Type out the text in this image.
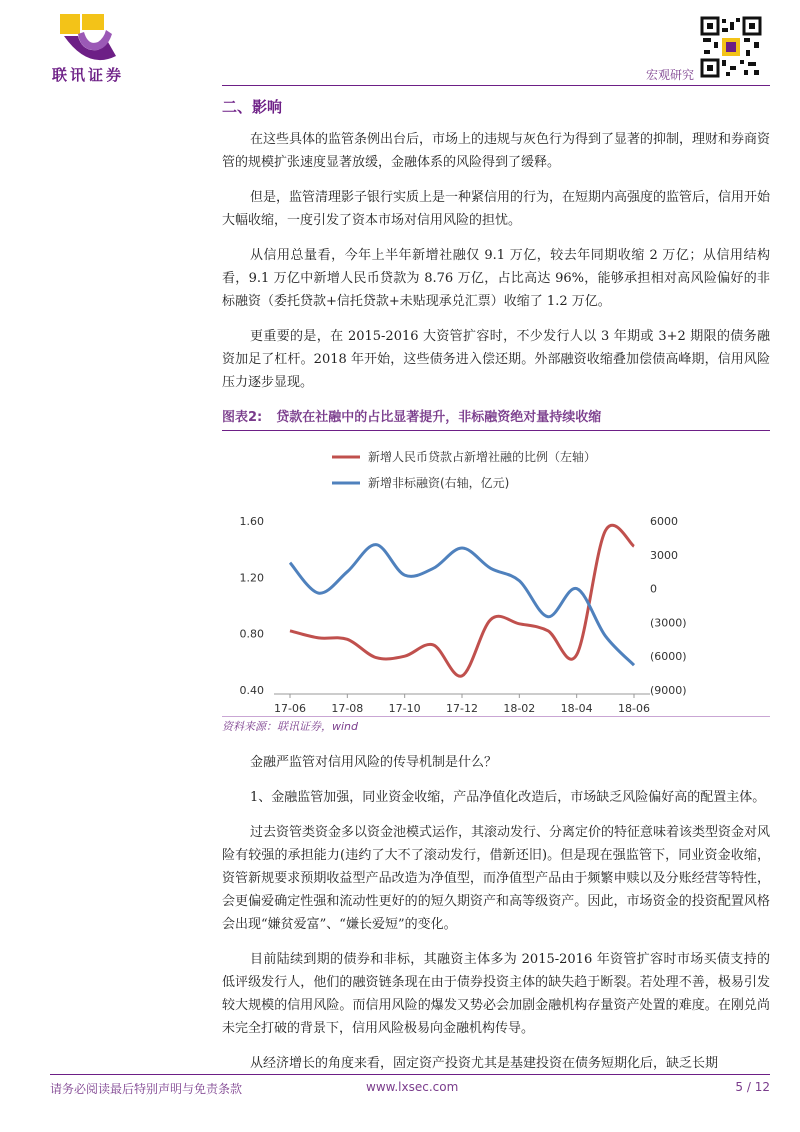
联讯证券	宏观研究
二、影响

在这些具体的监管条例出台后，市场上的违规与灰色行为得到了显著的抑制，理财和券商资管的规模扩张速度显著放缓，金融体系的风险得到了缓释。

但是，监管清理影子银行实质上是一种紧信用的行为，在短期内高强度的监管后，信用开始大幅收缩，一度引发了资本市场对信用风险的担忧。

从信用总量看，今年上半年新增社融仅 9.1 万亿，较去年同期收缩 2 万亿；从信用结构看，9.1 万亿中新增人民币贷款为 8.76 万亿，占比高达 96%，能够承担相对高风险偏好的非标融资（委托贷款+信托贷款+未贴现承兑汇票）收缩了 1.2 万亿。

更重要的是，在 2015-2016 大资管扩容时，不少发行人以 3 年期或 3+2 期限的债务融资加足了杠杆。2018 年开始，这些债务进入偿还期。外部融资收缩叠加偿债高峰期，信用风险压力逐步显现。

图表2: 贷款在社融中的占比显著提升，非标融资绝对量持续收缩
新增人民币贷款占新增社融的比例（左轴）
新增非标融资(右轴，亿元)
0.40
0.80
1.20
1.60	6000
3000
0
(3000)
(6000)
(9000)
17-06 17-08 17-10 17-12 18-02 18-04 18-06
资料来源：联讯证券，wind

金融严监管对信用风险的传导机制是什么？

1、金融监管加强，同业资金收缩，产品净值化改造后，市场缺乏风险偏好高的配置主体。

过去资管类资金多以资金池模式运作，其滚动发行、分离定价的特征意味着该类型资金对风险有较强的承担能力(违约了大不了滚动发行，借新还旧)。但是现在强监管下，同业资金收缩，资管新规要求预期收益型产品改造为净值型，而净值型产品由于频繁申赎以及分账经营等特性，会更偏爱确定性强和流动性更好的的短久期资产和高等级资产。因此，市场资金的投资配置风格会出现“嫌贫爱富”、“嫌长爱短”的变化。

目前陆续到期的债券和非标，其融资主体多为 2015-2016 年资管扩容时市场买债支持的低评级发行人，他们的融资链条现在由于债券投资主体的缺失趋于断裂。若处理不善，极易引发较大规模的信用风险。而信用风险的爆发又势必会加剧金融机构存量资产处置的难度。在刚兑尚未完全打破的背景下，信用风险极易向金融机构传导。

从经济增长的角度来看，固定资产投资尤其是基建投资在债务短期化后，缺乏长期

请务必阅读最后特别声明与免责条款	www.lxsec.com	5 / 12
